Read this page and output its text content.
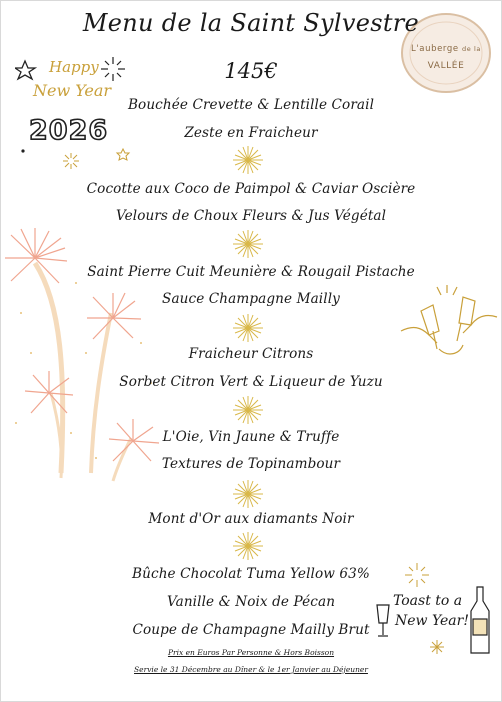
L'auberge de la
VALLÉE
Happy
New Year
2026
Menu de la Saint Sylvestre
145€
Bouchée Crevette & Lentille Corail
Zeste en Fraicheur
Cocotte aux Coco de Paimpol & Caviar Oscière
Velours de Choux Fleurs & Jus Végétal
Saint Pierre Cuit Meunière & Rougail Pistache
Sauce Champagne Mailly
Fraicheur Citrons
Sorbet Citron Vert & Liqueur de Yuzu
L'Oie, Vin Jaune & Truffe
Textures de Topinambour
Mont d'Or aux diamants Noir
Bûche Chocolat Tuma Yellow 63%
Vanille & Noix de Pécan
Coupe de Champagne Mailly Brut
Prix en Euros Par Personne & Hors Boisson
Servie le 31 Décembre au Dîner & le 1er Janvier au Déjeuner
Toast to a
New Year!
